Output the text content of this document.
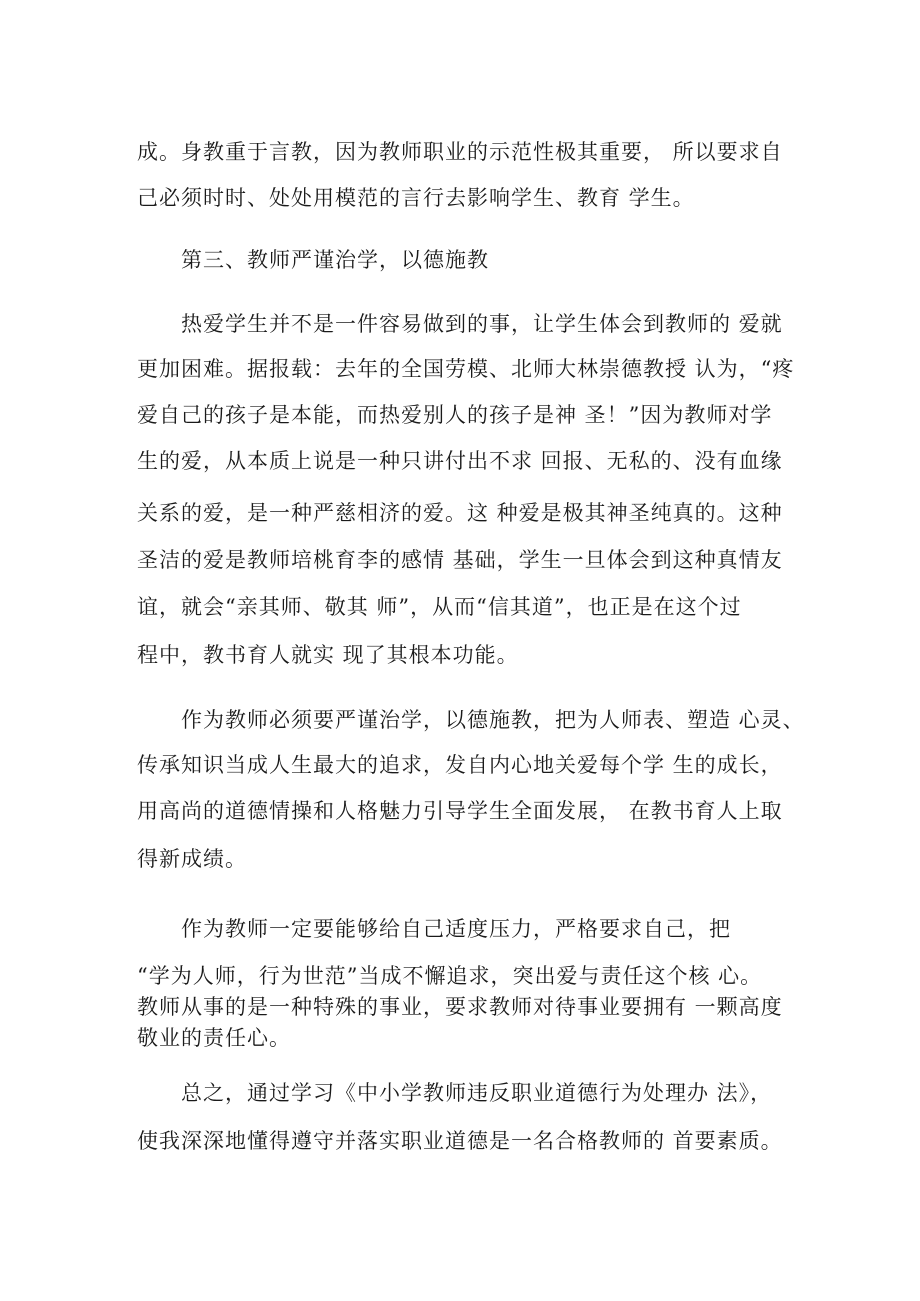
成。身教重于言教，因为教师职业的示范性极其重要， 所以要求自
己必须时时、处处用模范的言行去影响学生、教育 学生。
第三、教师严谨治学，以德施教
热爱学生并不是一件容易做到的事，让学生体会到教师的 爱就
更加困难。据报载：去年的全国劳模、北师大林崇德教授 认为，“疼
爱自己的孩子是本能，而热爱别人的孩子是神 圣！”因为教师对学
生的爱，从本质上说是一种只讲付出不求 回报、无私的、没有血缘
关系的爱，是一种严慈相济的爱。这 种爱是极其神圣纯真的。这种
圣洁的爱是教师培桃育李的感情 基础，学生一旦体会到这种真情友
谊，就会“亲其师、敬其 师”，从而“信其道”，也正是在这个过
程中，教书育人就实 现了其根本功能。
作为教师必须要严谨治学，以德施教，把为人师表、塑造 心灵、
传承知识当成人生最大的追求，发自内心地关爱每个学 生的成长，
用高尚的道德情操和人格魅力引导学生全面发展， 在教书育人上取
得新成绩。
作为教师一定要能够给自己适度压力，严格要求自己，把
“学为人师，行为世范”当成不懈追求，突出爱与责任这个核 心。
教师从事的是一种特殊的事业，要求教师对待事业要拥有 一颗高度
敬业的责任心。
总之，通过学习《中小学教师违反职业道德行为处理办 法》，
使我深深地懂得遵守并落实职业道德是一名合格教师的 首要素质。
